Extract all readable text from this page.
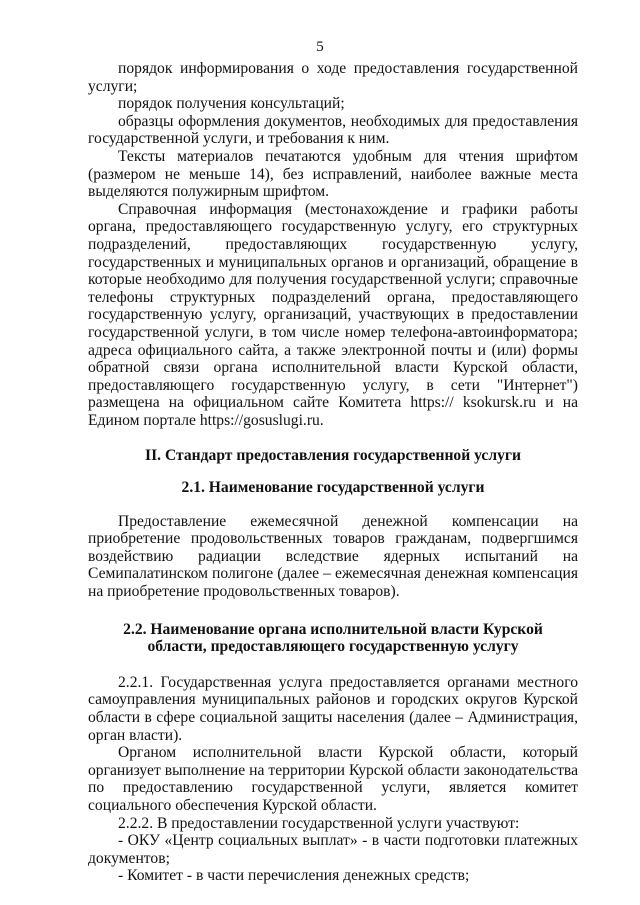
5

порядок информирования о ходе предоставления государственной услуги;

порядок получения консультаций;

образцы оформления документов, необходимых для предоставления государственной услуги, и требования к ним.

Тексты материалов печатаются удобным для чтения шрифтом (размером не меньше 14), без исправлений, наиболее важные места выделяются полужирным шрифтом.

Справочная информация (местонахождение и графики работы органа, предоставляющего государственную услугу, его структурных подразделений, предоставляющих государственную услугу, государственных и муниципальных органов и организаций, обращение в которые необходимо для получения государственной услуги; справочные телефоны структурных подразделений органа, предоставляющего государственную услугу, организаций, участвующих в предоставлении государственной услуги, в том числе номер телефона-автоинформатора; адреса официального сайта, а также электронной почты и (или) формы обратной связи органа исполнительной власти Курской области, предоставляющего государственную услугу, в сети "Интернет") размещена на официальном сайте Комитета https:// ksokursk.ru и на Едином портале https://gosuslugi.ru.

II. Стандарт предоставления государственной услуги
2.1. Наименование государственной услуги

Предоставление ежемесячной денежной компенсации на приобретение продовольственных товаров гражданам, подвергшимся воздействию радиации вследствие ядерных испытаний на Семипалатинском полигоне (далее – ежемесячная денежная компенсация на приобретение продовольственных товаров).

2.2. Наименование органа исполнительной власти Курской
области, предоставляющего государственную услугу

2.2.1. Государственная услуга предоставляется органами местного самоуправления муниципальных районов и городских округов Курской области в сфере социальной защиты населения (далее – Администрация, орган власти).

Органом исполнительной власти Курской области, который организует выполнение на территории Курской области законодательства по предоставлению государственной услуги, является комитет социального обеспечения Курской области.

2.2.2. В предоставлении государственной услуги участвуют:

- ОКУ «Центр социальных выплат» - в части подготовки платежных документов;

- Комитет - в части перечисления денежных средств;
